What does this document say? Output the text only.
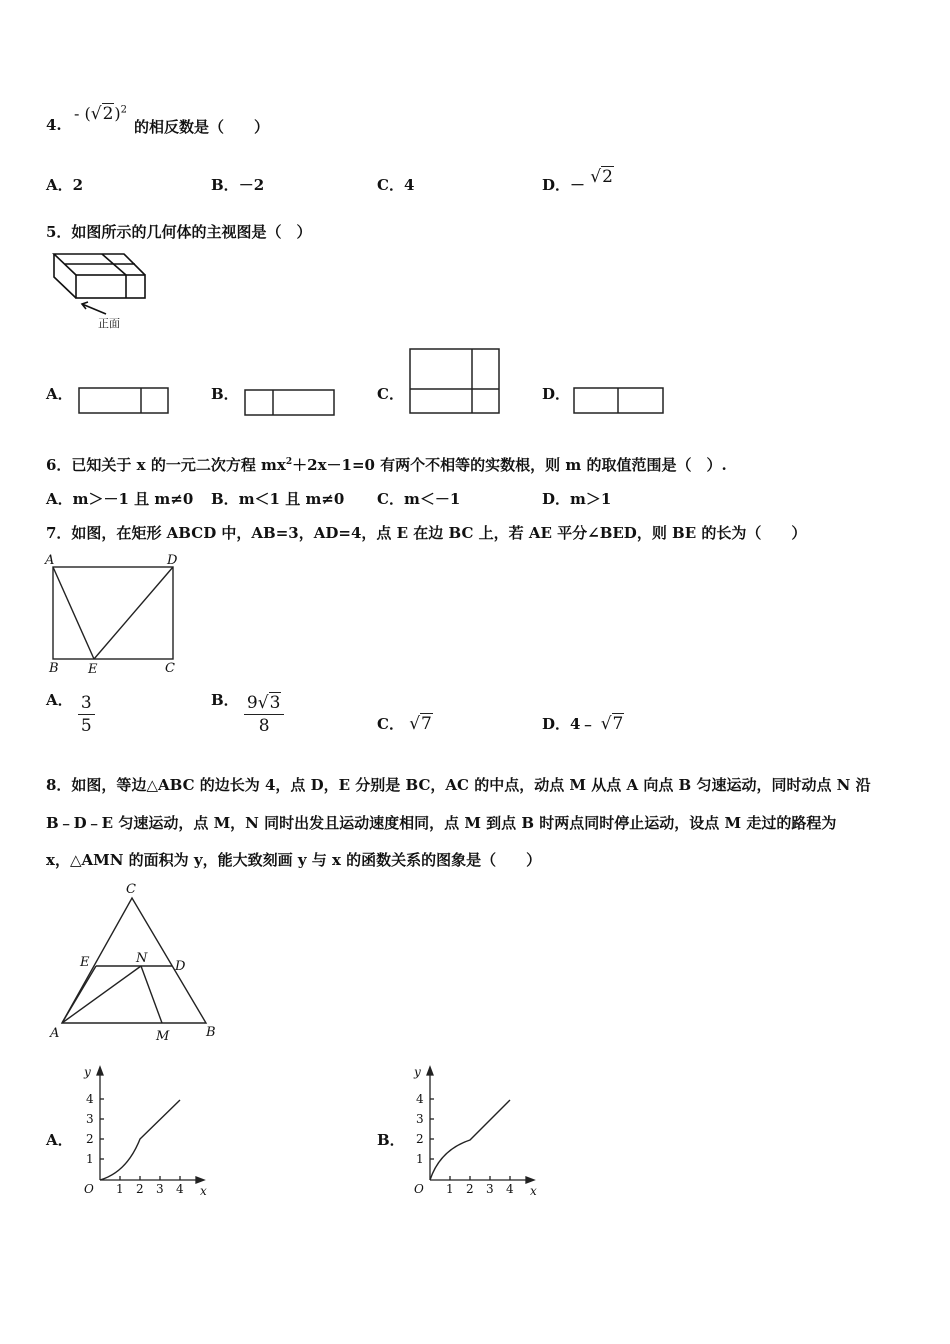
4.
- $(√2)^2$
的相反数是（　　）
A．2	B．－2	C．4	D．－ √2
5．如图所示的几何体的主视图是（　）
正面
A．	B．	C．	D．
6．已知关于 x 的一元二次方程 $mx^2+2x-1=0$ 有两个不相等的实数根，则 m 的取值范围是（　）.
A．m＞－1 且 m≠0 B．m＜1 且 m≠0 C．m＜－1	D．m＞1
7．如图，在矩形 ABCD 中，AB=3，AD=4，点 E 在边 BC 上，若 AE 平分∠BED，则 BE 的长为（　　）
A	D
B E	C
A． $\frac{3}{5}$	B． $\frac{9√3}{8}$	C． √7	D．4﹣ √7
8．如图，等边△ABC 的边长为 4，点 D，E 分别是 BC，AC 的中点，动点 M 从点 A 向点 B 匀速运动，同时动点 N 沿
B﹣D﹣E 匀速运动，点 M，N 同时出发且运动速度相同，点 M 到点 B 时两点同时停止运动，设点 M 走过的路程为
x，△AMN 的面积为 y，能大致刻画 y 与 x 的函数关系的图象是（　　）
C
E	N
D
A	M	B
A．
y
4
3
2
1
O 1 2 3 4 x
B．
y
4
3
2
1
O 1 2 3 4 x
